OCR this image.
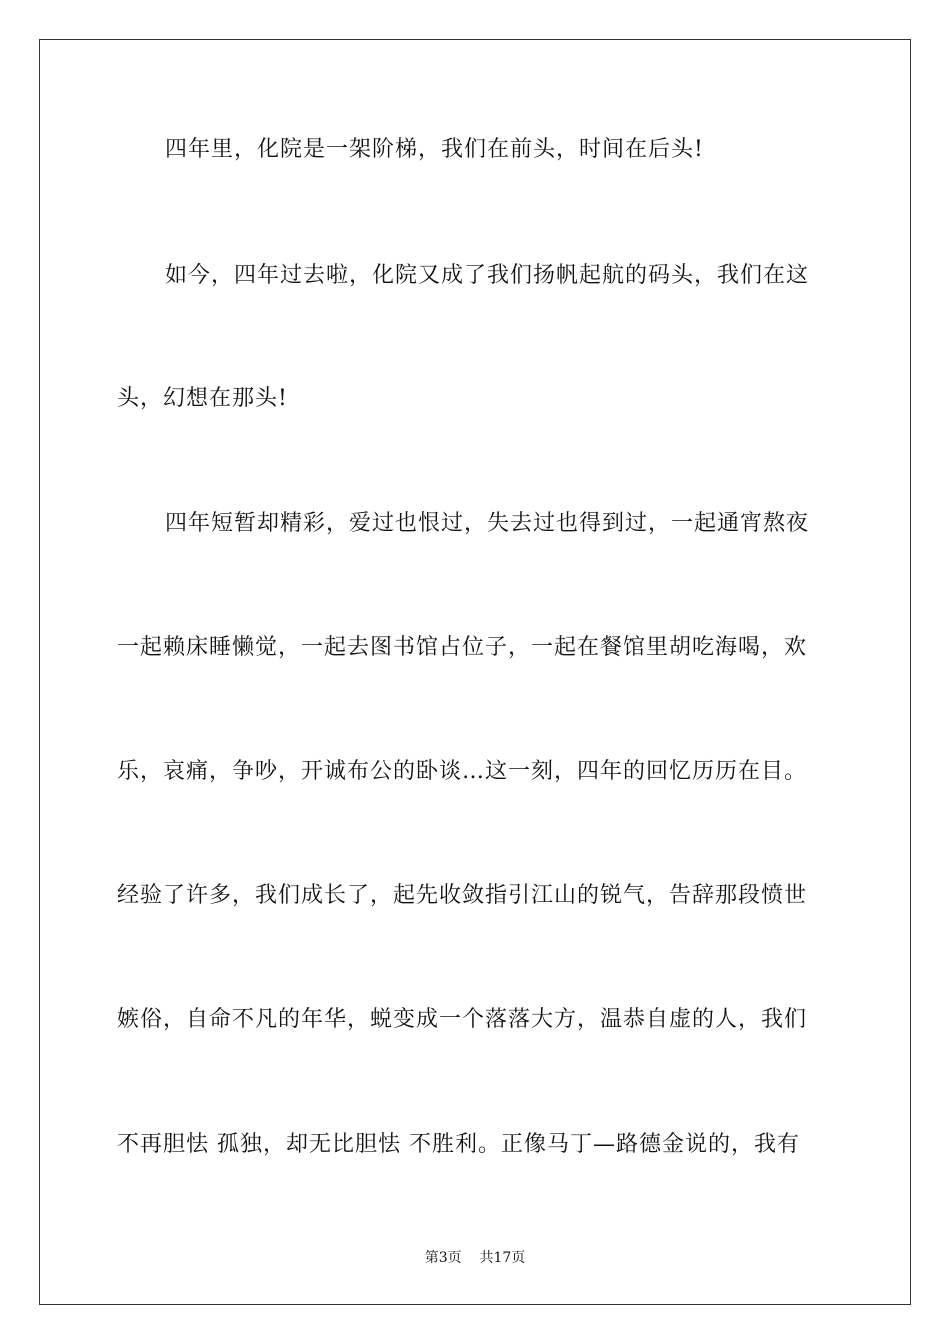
四年里，化院是一架阶梯，我们在前头，时间在后头!
如今，四年过去啦，化院又成了我们扬帆起航的码头，我们在这
头，幻想在那头!
四年短暂却精彩，爱过也恨过，失去过也得到过，一起通宵熬夜
一起赖床睡懒觉，一起去图书馆占位子，一起在餐馆里胡吃海喝，欢
乐，哀痛，争吵，开诚布公的卧谈…这一刻，四年的回忆历历在目。
经验了许多，我们成长了，起先收敛指引江山的锐气，告辞那段愤世
嫉俗，自命不凡的年华，蜕变成一个落落大方，温恭自虚的人，我们
不再胆怯 孤独，却无比胆怯 不胜利。正像马丁—路德金说的，我有
第3页 共17页
